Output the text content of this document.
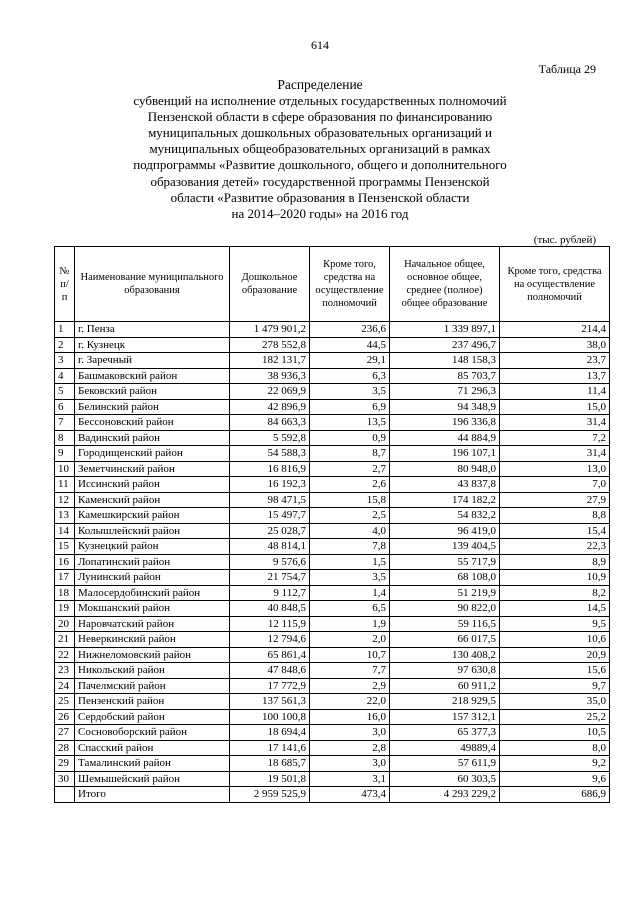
614
Таблица 29
Распределение
субвенций на исполнение отдельных государственных полномочий
Пензенской области в сфере образования по финансированию
муниципальных дошкольных образовательных организаций и
муниципальных общеобразовательных организаций в рамках
подпрограммы «Развитие дошкольного, общего и дополнительного
образования детей» государственной программы Пензенской
области «Развитие образования в Пензенской области
на 2014–2020 годы» на 2016 год
(тыс. рублей)
№ п/п	Наименование муниципального образования	Дошкольное образование	Кроме того, средства на осуществление полномочий	Начальное общее, основное общее, среднее (полное) общее образование	Кроме того, средства на осуществление полномочий
1	г. Пенза	1 479 901,2	236,6	1 339 897,1	214,4
2	г. Кузнецк	278 552,8	44,5	237 496,7	38,0
3	г. Заречный	182 131,7	29,1	148 158,3	23,7
4	Башмаковский район	38 936,3	6,3	85 703,7	13,7
5	Бековский район	22 069,9	3,5	71 296,3	11,4
6	Белинский район	42 896,9	6,9	94 348,9	15,0
7	Бессоновский район	84 663,3	13,5	196 336,8	31,4
8	Вадинский район	5 592,8	0,9	44 884,9	7,2
9	Городищенский район	54 588,3	8,7	196 107,1	31,4
10	Земетчинский район	16 816,9	2,7	80 948,0	13,0
11	Иссинский район	16 192,3	2,6	43 837,8	7,0
12	Каменский район	98 471,5	15,8	174 182,2	27,9
13	Камешкирский район	15 497,7	2,5	54 832,2	8,8
14	Колышлейский район	25 028,7	4,0	96 419,0	15,4
15	Кузнецкий район	48 814,1	7,8	139 404,5	22,3
16	Лопатинский район	9 576,6	1,5	55 717,9	8,9
17	Лунинский район	21 754,7	3,5	68 108,0	10,9
18	Малосердобинский район	9 112,7	1,4	51 219,9	8,2
19	Мокшанский район	40 848,5	6,5	90 822,0	14,5
20	Наровчатский район	12 115,9	1,9	59 116,5	9,5
21	Неверкинский район	12 794,6	2,0	66 017,5	10,6
22	Нижнеломовский район	65 861,4	10,7	130 408,2	20,9
23	Никольский район	47 848,6	7,7	97 630,8	15,6
24	Пачелмский район	17 772,9	2,9	60 911,2	9,7
25	Пензенский район	137 561,3	22,0	218 929,5	35,0
26	Сердобский район	100 100,8	16,0	157 312,1	25,2
27	Сосновоборский район	18 694,4	3,0	65 377,3	10,5
28	Спасский район	17 141,6	2,8	49889,4	8,0
29	Тамалинский район	18 685,7	3,0	57 611,9	9,2
30	Шемышейский район	19 501,8	3,1	60 303,5	9,6
	Итого	2 959 525,9	473,4	4 293 229,2	686,9
